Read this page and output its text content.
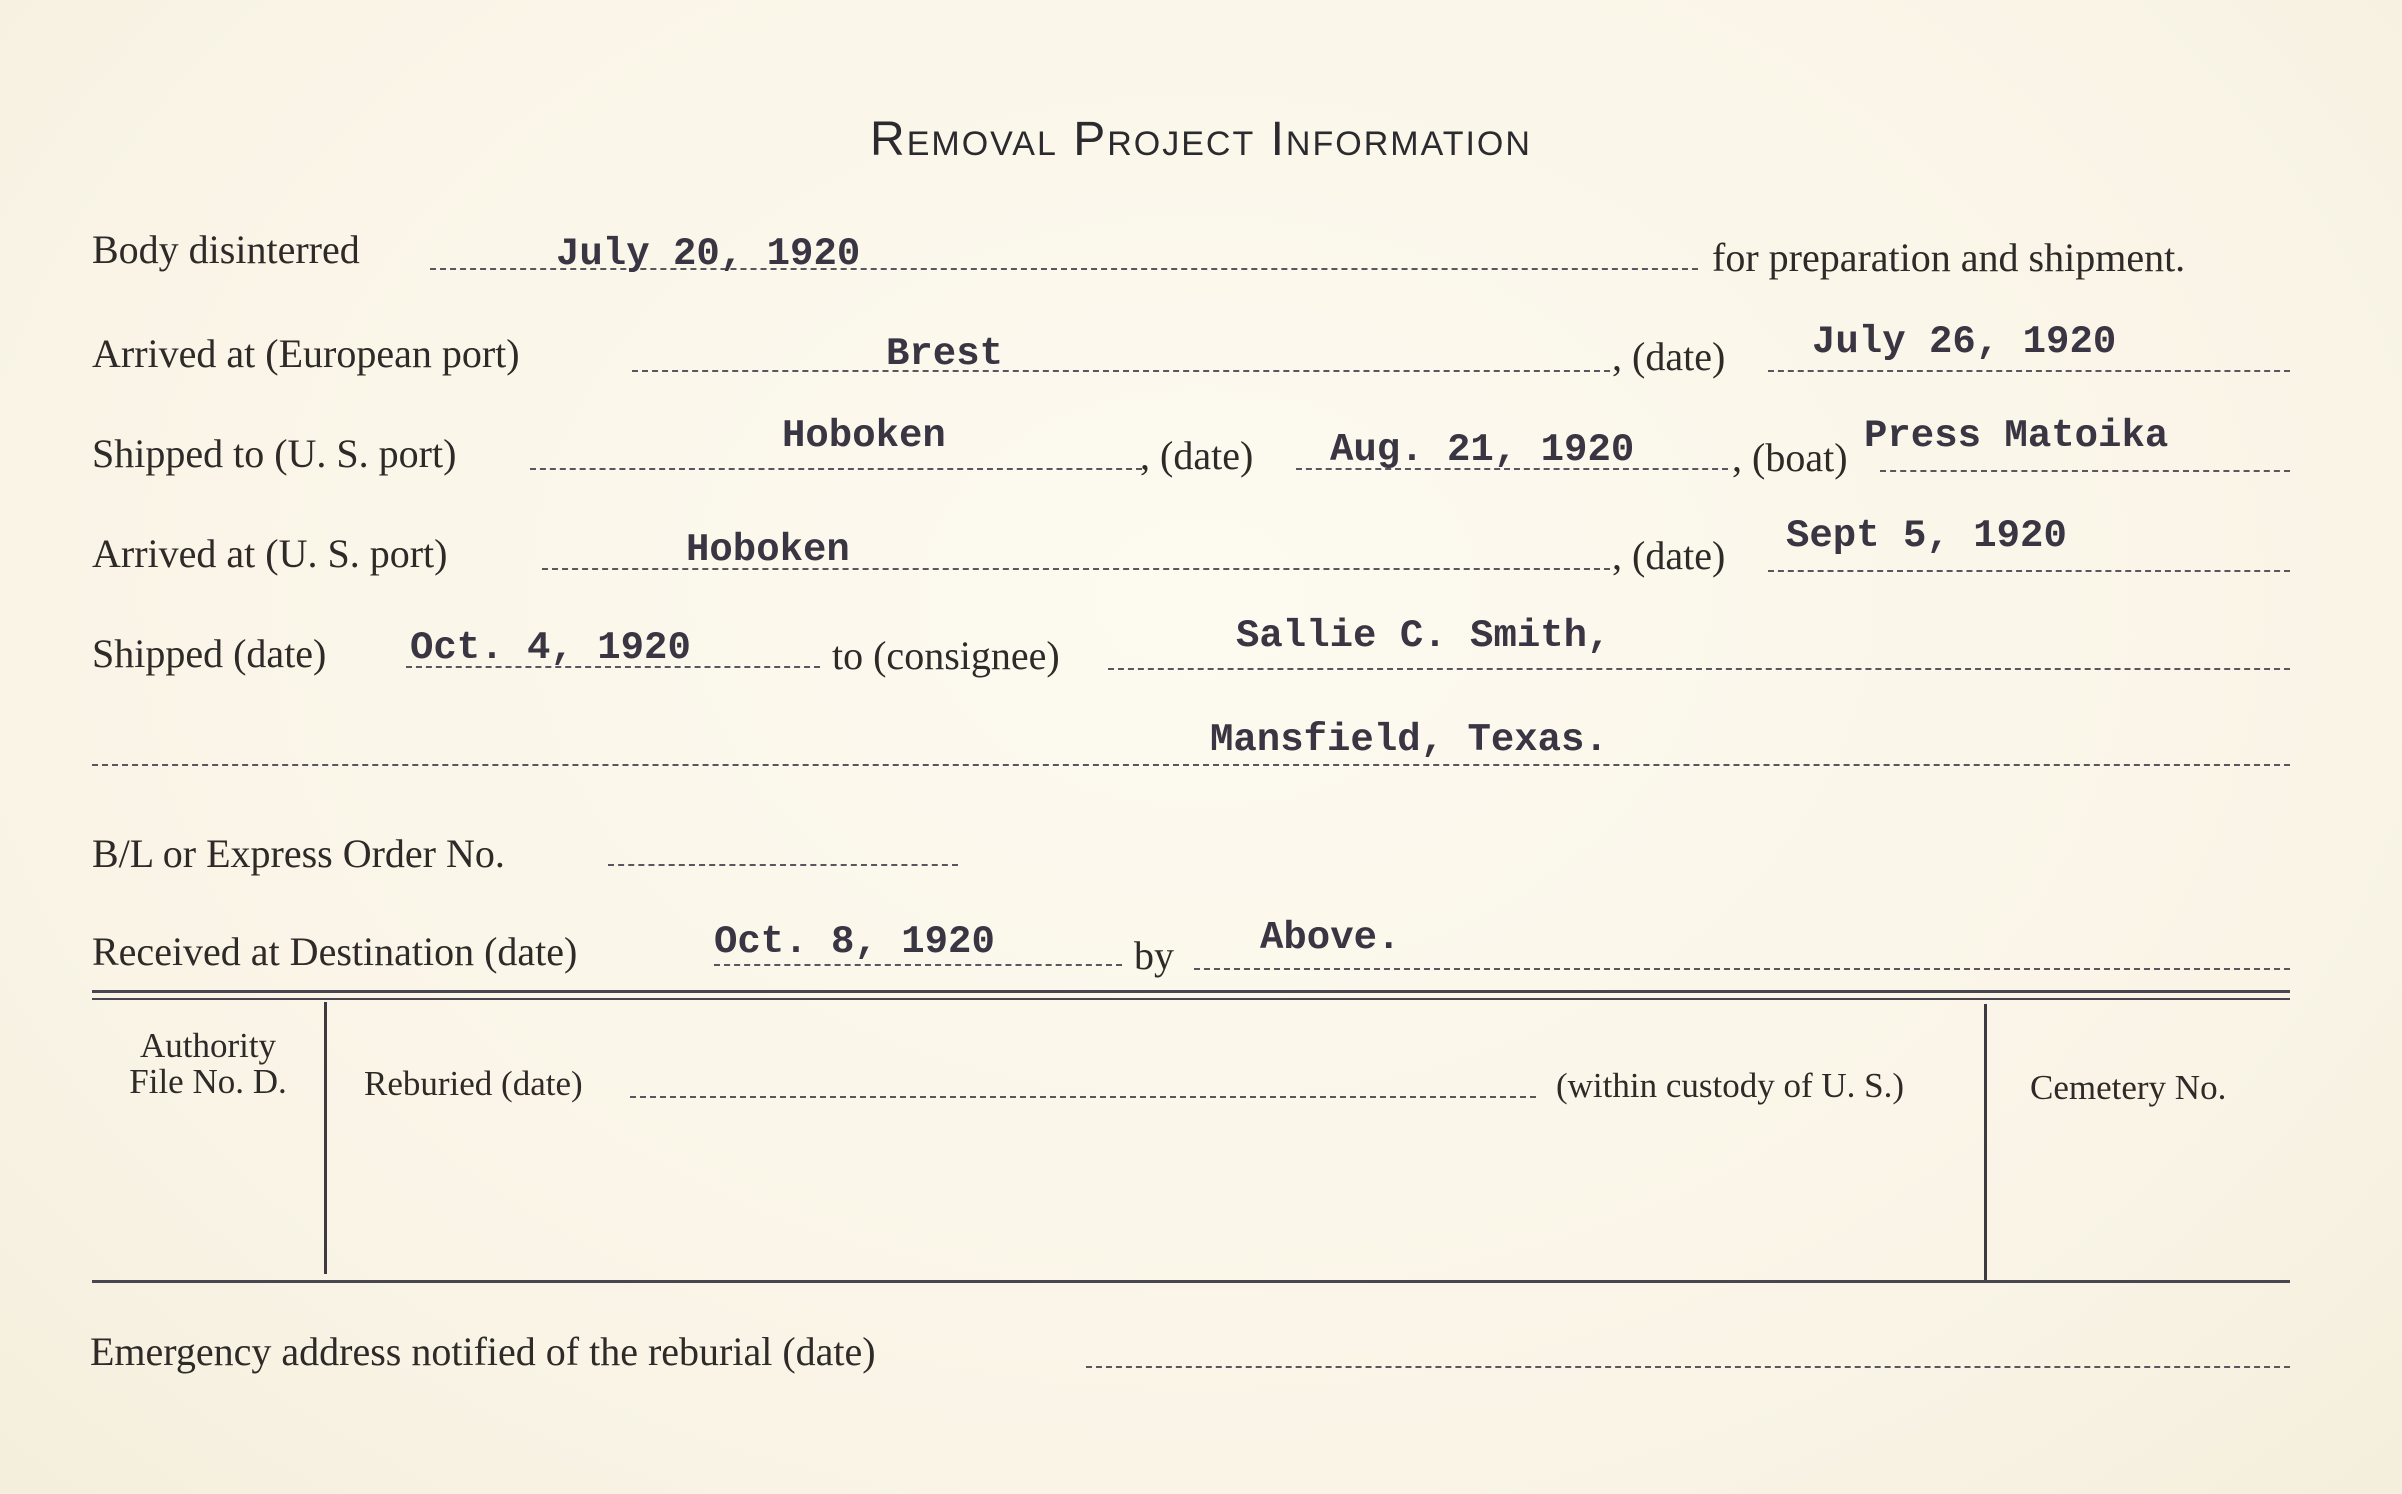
Removal Project Information
Body disinterred	July 20, 1920	for preparation and shipment.
Arrived at (European port)	Brest	, (date) July 26, 1920
Shipped to (U. S. port)	Hoboken	, (date) Aug. 21, 1920 , (boat) Press Matoika
Arrived at (U. S. port)	Hoboken	, (date) Sept 5, 1920
Shipped (date) Oct. 4, 1920	to (consignee)	Sallie C. Smith,
Mansfield, Texas.
B/L or Express Order No.
Received at Destination (date)	Oct. 8, 1920	by Above.
Authority
File No. D.	Reburied (date)	(within custody of U. S.)	Cemetery No.
Emergency address notified of the reburial (date)
